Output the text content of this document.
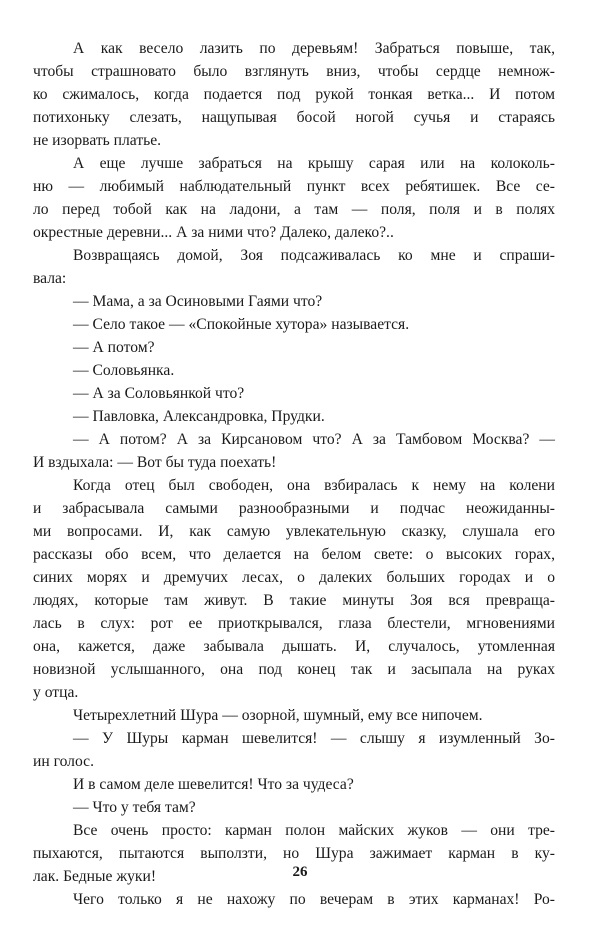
А как весело лазить по деревьям! Забраться повыше, так,
чтобы страшновато было взглянуть вниз, чтобы сердце немнож-
ко сжималось, когда подается под рукой тонкая ветка... И потом
потихоньку слезать, нащупывая босой ногой сучья и стараясь
не изорвать платье.
А еще лучше забраться на крышу сарая или на колоколь-
ню — любимый наблюдательный пункт всех ребятишек. Все се-
ло перед тобой как на ладони, а там — поля, поля и в полях
окрестные деревни... А за ними что? Далеко, далеко?..
Возвращаясь домой, Зоя подсаживалась ко мне и спраши-
вала:
— Мама, а за Осиновыми Гаями что?
— Село такое — «Спокойные хутора» называется.
— А потом?
— Соловьянка.
— А за Соловьянкой что?
— Павловка, Александровка, Прудки.
— А потом? А за Кирсановом что? А за Тамбовом Москва? —
И вздыхала: — Вот бы туда поехать!
Когда отец был свободен, она взбиралась к нему на колени
и забрасывала самыми разнообразными и подчас неожиданны-
ми вопросами. И, как самую увлекательную сказку, слушала его
рассказы обо всем, что делается на белом свете: о высоких горах,
синих морях и дремучих лесах, о далеких больших городах и о
людях, которые там живут. В такие минуты Зоя вся превраща-
лась в слух: рот ее приоткрывался, глаза блестели, мгновениями
она, кажется, даже забывала дышать. И, случалось, утомленная
новизной услышанного, она под конец так и засыпала на руках
у отца.
Четырехлетний Шура — озорной, шумный, ему все нипочем.
— У Шуры карман шевелится! — слышу я изумленный Зо-
ин голос.
И в самом деле шевелится! Что за чудеса?
— Что у тебя там?
Все очень просто: карман полон майских жуков — они тре-
пыхаются, пытаются выползти, но Шура зажимает карман в ку-
лак. Бедные жуки!
Чего только я не нахожу по вечерам в этих карманах! Ро-
26
